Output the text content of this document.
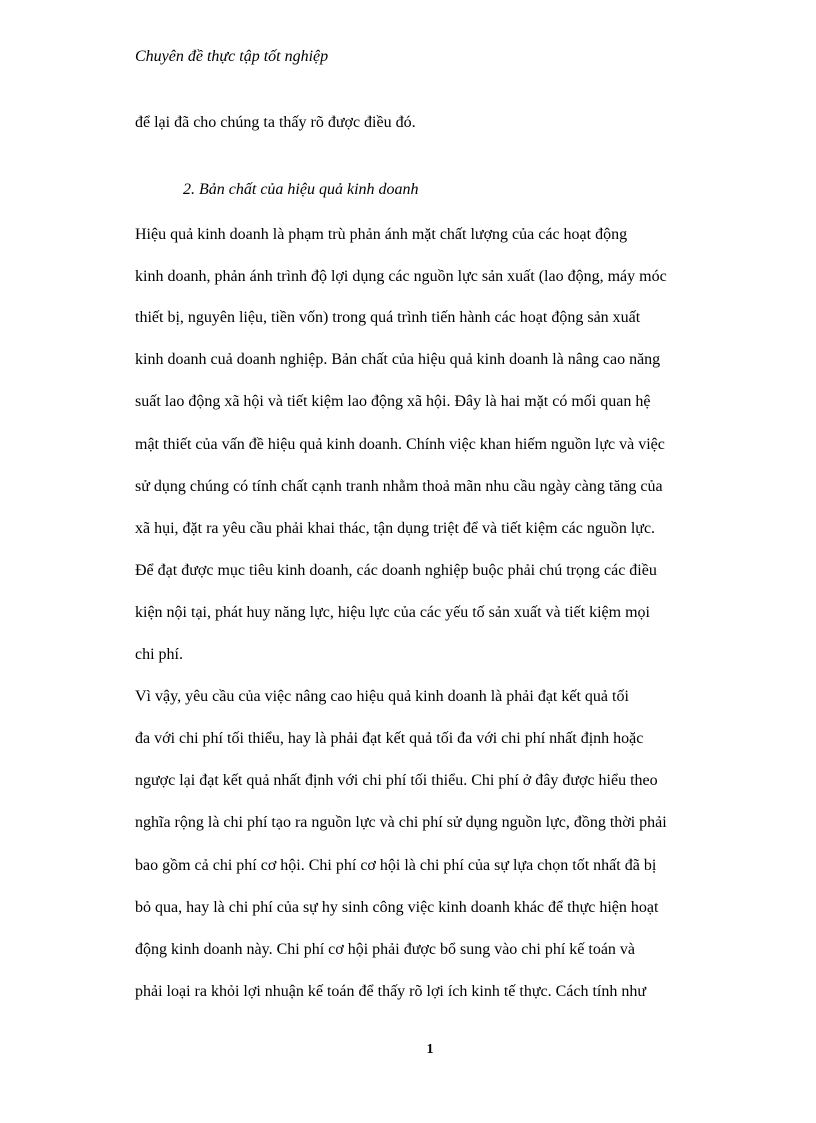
Chuyên đề thực tập tốt nghiệp
để lại đã cho chúng ta thấy rõ được điều đó.
2. Bản chất của hiệu quả kinh doanh
Hiệu quả kinh doanh là phạm trù phản ánh mặt chất lượng của các hoạt động
kinh doanh, phản ánh trình độ lợi dụng các nguồn lực sản xuất (lao động, máy móc
thiết bị, nguyên liệu, tiền vốn) trong quá trình tiến hành các hoạt động sản xuất
kinh doanh cuả doanh nghiệp. Bản chất của hiệu quả kinh doanh là nâng cao năng
suất lao động xã hội và tiết kiệm lao động xã hội. Đây là hai mặt có mối quan hệ
mật thiết của vấn đề hiệu quả kinh doanh. Chính việc khan hiếm nguồn lực và việc
sử dụng chúng có tính chất cạnh tranh nhằm thoả mãn nhu cầu ngày càng tăng của
xã hụi, đặt ra yêu cầu phải khai thác, tận dụng triệt để và tiết kiệm các nguồn lực.
Để đạt được mục tiêu kinh doanh, các doanh nghiệp buộc phải chú trọng các điều
kiện nội tại, phát huy năng lực, hiệu lực của các yếu tố sản xuất và tiết kiệm mọi
chi phí.
Vì vậy, yêu cầu của việc nâng cao hiệu quả kinh doanh là phải đạt kết quả tối
đa với chi phí tối thiểu, hay là phải đạt kết quả tối đa với chi phí nhất định hoặc
ngược lại đạt kết quả nhất định với chi phí tối thiểu. Chi phí ở đây được hiểu theo
nghĩa rộng là chi phí tạo ra nguồn lực và chi phí sử dụng nguồn lực, đồng thời phải
bao gồm cả chi phí cơ hội. Chi phí cơ hội là chi phí của sự lựa chọn tốt nhất đã bị
bỏ qua, hay là chi phí của sự hy sinh công việc kinh doanh khác để thực hiện hoạt
động kinh doanh này. Chi phí cơ hội phải được bổ sung vào chi phí kế toán và
phải loại ra khỏi lợi nhuận kế toán để thấy rõ lợi ích kinh tế thực. Cách tính như
1
